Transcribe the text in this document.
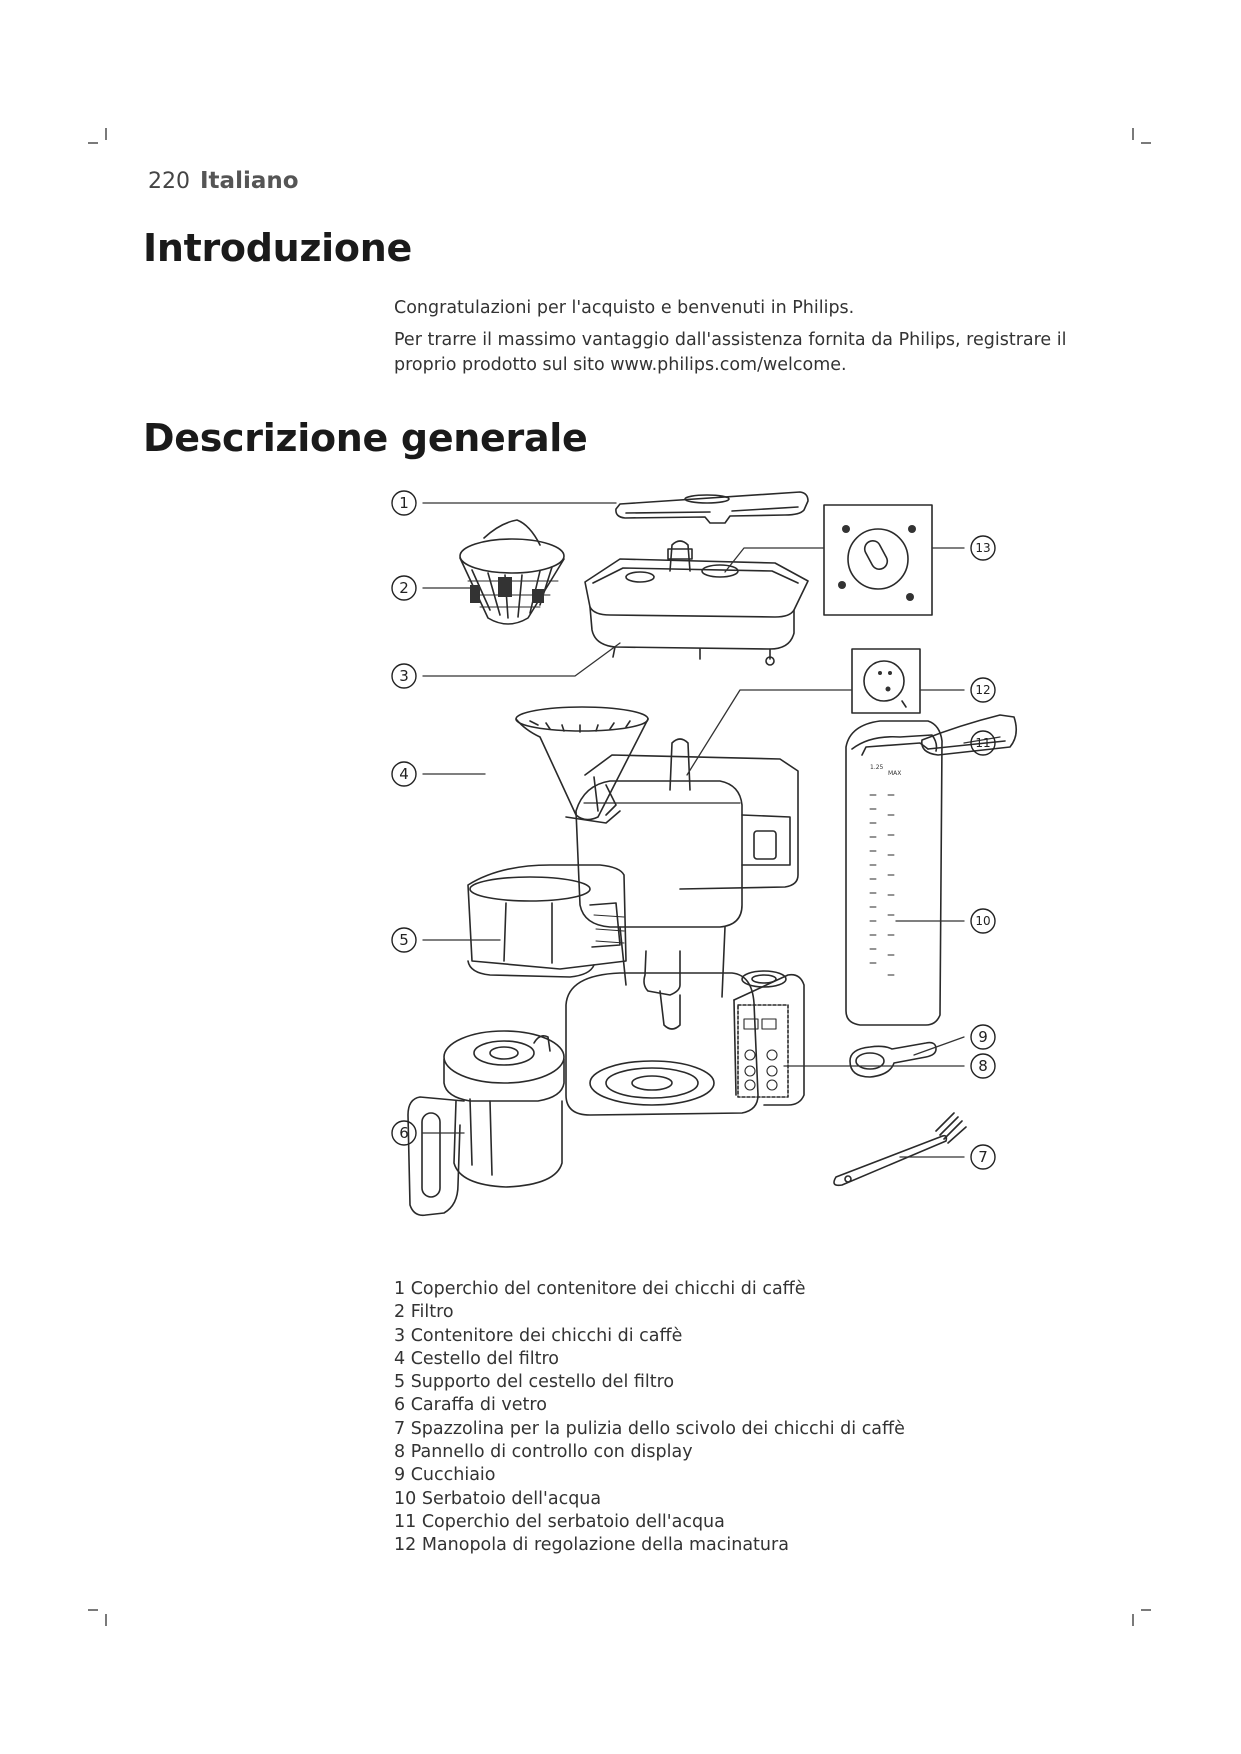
220 Italiano
Introduzione

Congratulazioni per l'acquisto e benvenuti in Philips.

Per trarre il massimo vantaggio dall'assistenza fornita da Philips, registrare il proprio prodotto sul sito www.philips.com/welcome.

Descrizione generale
1
2
3
4
5
6
7
8
9
10
11
12
13
1.25
MAX
1 Coperchio del contenitore dei chicchi di caffè
2 Filtro
3 Contenitore dei chicchi di caffè
4 Cestello del filtro
5 Supporto del cestello del filtro
6 Caraffa di vetro
7 Spazzolina per la pulizia dello scivolo dei chicchi di caffè
8 Pannello di controllo con display
9 Cucchiaio
10 Serbatoio dell'acqua
11 Coperchio del serbatoio dell'acqua
12 Manopola di regolazione della macinatura
